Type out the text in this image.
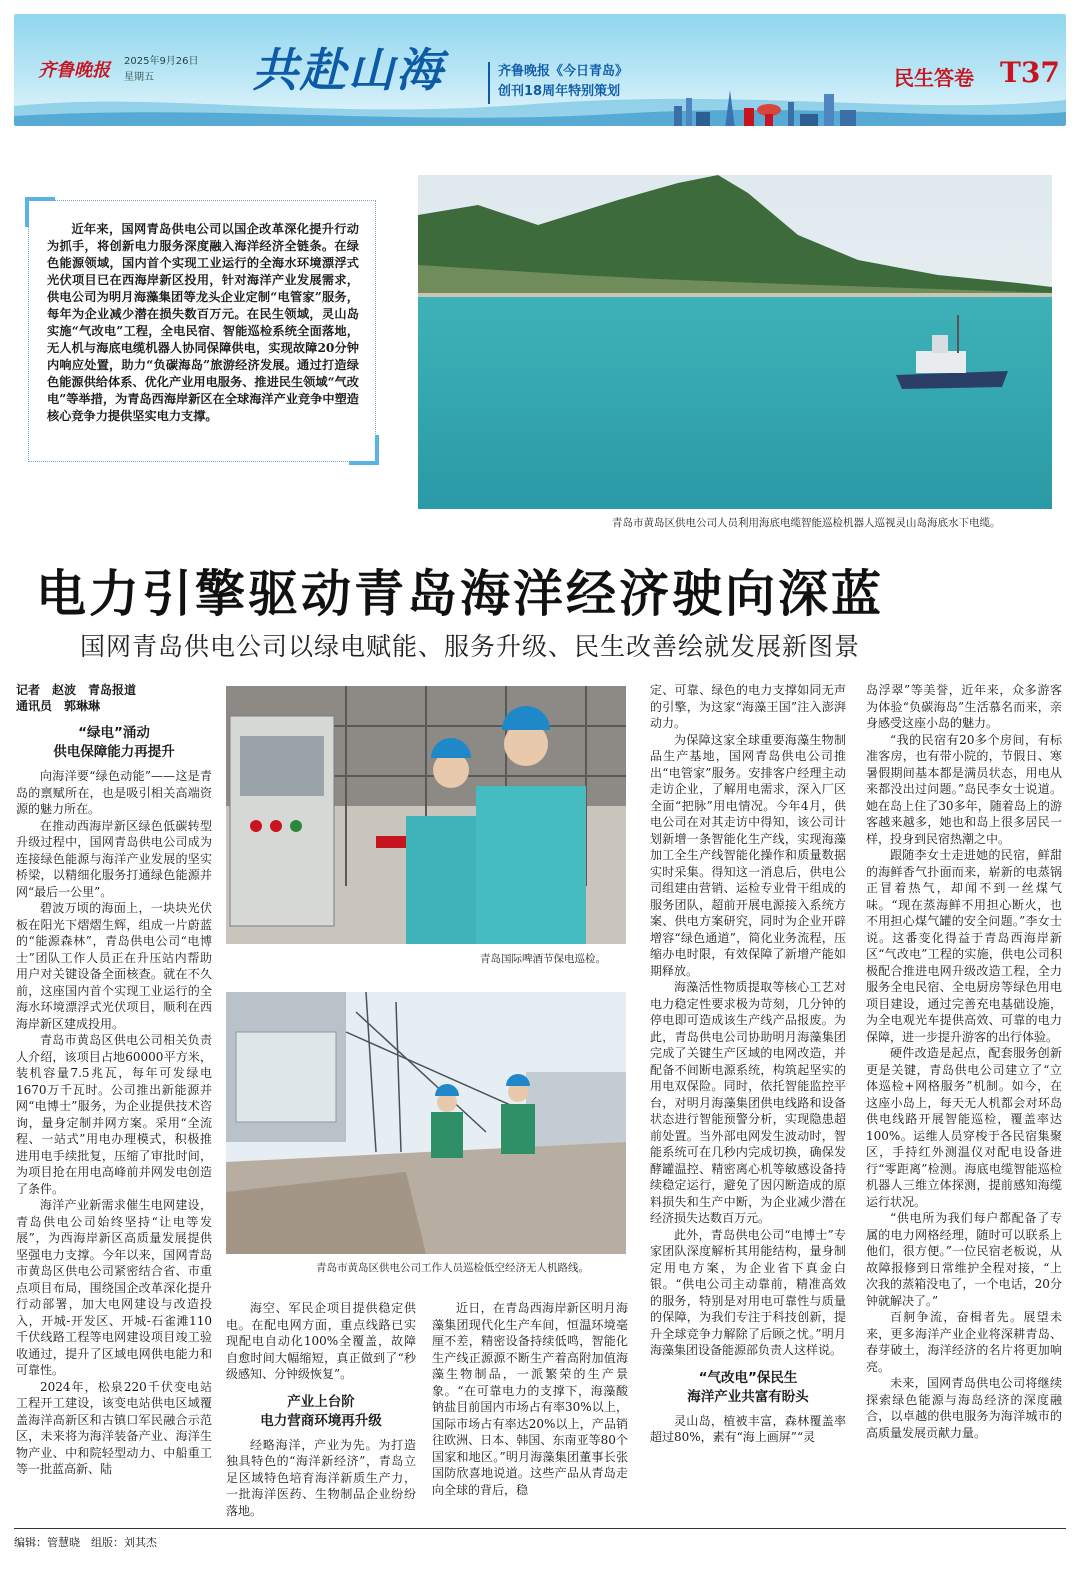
齐鲁晚报 2025年9月26日
星期五	共赴山海	齐鲁晚报《今日青岛》
创刊18周年特别策划
民生答卷 T37

近年来，国网青岛供电公司以国企改革深化提升行动为抓手，将创新电力服务深度融入海洋经济全链条。在绿色能源领域，国内首个实现工业运行的全海水环境漂浮式光伏项目已在西海岸新区投用，针对海洋产业发展需求，供电公司为明月海藻集团等龙头企业定制“电管家”服务，每年为企业减少潜在损失数百万元。在民生领域，灵山岛实施“气改电”工程，全电民宿、智能巡检系统全面落地，无人机与海底电缆机器人协同保障供电，实现故障20分钟内响应处置，助力“负碳海岛”旅游经济发展。通过打造绿色能源供给体系、优化产业用电服务、推进民生领域“气改电”等举措，为青岛西海岸新区在全球海洋产业竞争中塑造核心竞争力提供坚实电力支撑。

青岛市黄岛区供电公司人员利用海底电缆智能巡检机器人巡视灵山岛海底水下电缆。
电力引擎驱动青岛海洋经济驶向深蓝
国网青岛供电公司以绿电赋能、服务升级、民生改善绘就发展新图景
记者　赵波　青岛报道
通讯员　郭琳琳
“绿电”涌动
供电保障能力再提升

向海洋要“绿色动能”——这是青岛的禀赋所在，也是吸引相关高端资源的魅力所在。

在推动西海岸新区绿色低碳转型升级过程中，国网青岛供电公司成为连接绿色能源与海洋产业发展的坚实桥梁，以精细化服务打通绿色能源并网“最后一公里”。

碧波万顷的海面上，一块块光伏板在阳光下熠熠生辉，组成一片蔚蓝的“能源森林”，青岛供电公司“电博士”团队工作人员正在升压站内帮助用户对关键设备全面核查。就在不久前，这座国内首个实现工业运行的全海水环境漂浮式光伏项目，顺利在西海岸新区建成投用。

青岛市黄岛区供电公司相关负责人介绍，该项目占地60000平方米，装机容量7.5兆瓦，每年可发绿电1670万千瓦时。公司推出新能源并网“电博士”服务，为企业提供技术咨询，量身定制并网方案。采用“全流程、一站式”用电办理模式，积极推进用电手续批复，压缩了审批时间，为项目抢在用电高峰前并网发电创造了条件。

海洋产业新需求催生电网建设，青岛供电公司始终坚持“让电等发展”，为西海岸新区高质量发展提供坚强电力支撑。今年以来，国网青岛市黄岛区供电公司紧密结合省、市重点项目布局，围绕国企改革深化提升行动部署，加大电网建设与改造投入，开城-开发区、开城-石雀滩110千伏线路工程等电网建设项目竣工验收通过，提升了区域电网供电能力和可靠性。

2024年，松泉220千伏变电站工程开工建设，该变电站供电区域覆盖海洋高新区和古镇口军民融合示范区，未来将为海洋装备产业、海洋生物产业、中和院轻型动力、中船重工等一批蓝高新、陆

青岛国际啤酒节保电巡检。
青岛市黄岛区供电公司工作人员巡检低空经济无人机路线。

海空、军民企项目提供稳定供电。在配电网方面，重点线路已实现配电自动化100%全覆盖，故障自愈时间大幅缩短，真正做到了“秒级感知、分钟级恢复”。

产业上台阶
电力营商环境再升级

经略海洋，产业为先。为打造独具特色的“海洋新经济”，青岛立足区域特色培育海洋新质生产力，一批海洋医药、生物制品企业纷纷落地。

近日，在青岛西海岸新区明月海藻集团现代化生产车间，恒温环境毫厘不差，精密设备持续低鸣，智能化生产线正源源不断生产着高附加值海藻生物制品，一派繁荣的生产景象。“在可靠电力的支撑下，海藻酸钠盐目前国内市场占有率30%以上，国际市场占有率达20%以上，产品销往欧洲、日本、韩国、东南亚等80个国家和地区。”明月海藻集团董事长张国防欣喜地说道。这些产品从青岛走向全球的背后，稳

定、可靠、绿色的电力支撑如同无声的引擎，为这家“海藻王国”注入澎湃动力。

为保障这家全球重要海藻生物制品生产基地，国网青岛供电公司推出“电管家”服务。安排客户经理主动走访企业，了解用电需求，深入厂区全面“把脉”用电情况。今年4月，供电公司在对其走访中得知，该公司计划新增一条智能化生产线，实现海藻加工全生产线智能化操作和质量数据实时采集。得知这一消息后，供电公司组建由营销、运检专业骨干组成的服务团队，超前开展电源接入系统方案、供电方案研究，同时为企业开辟增容“绿色通道”，简化业务流程，压缩办电时限，有效保障了新增产能如期释放。

海藻活性物质提取等核心工艺对电力稳定性要求极为苛刻，几分钟的停电即可造成该生产线产品报废。为此，青岛供电公司协助明月海藻集团完成了关键生产区域的电网改造，并配备不间断电源系统，构筑起坚实的用电双保险。同时，依托智能监控平台，对明月海藻集团供电线路和设备状态进行智能预警分析，实现隐患超前处置。当外部电网发生波动时，智能系统可在几秒内完成切换，确保发酵罐温控、精密离心机等敏感设备持续稳定运行，避免了因闪断造成的原料损失和生产中断，为企业减少潜在经济损失达数百万元。

此外，青岛供电公司“电博士”专家团队深度解析其用能结构，量身制定用电方案，为企业省下真金白银。“供电公司主动靠前，精准高效的服务，特别是对用电可靠性与质量的保障，为我们专注于科技创新，提升全球竞争力解除了后顾之忧。”明月海藻集团设备能源部负责人这样说。

“气改电”保民生
海洋产业共富有盼头

灵山岛，植被丰富，森林覆盖率超过80%，素有“海上画屏”“灵

岛浮翠”等美誉，近年来，众多游客为体验“负碳海岛”生活慕名而来，亲身感受这座小岛的魅力。

“我的民宿有20多个房间，有标准客房，也有带小院的，节假日、寒暑假期间基本都是满员状态，用电从来都没出过问题。”岛民李女士说道。她在岛上住了30多年，随着岛上的游客越来越多，她也和岛上很多居民一样，投身到民宿热潮之中。

跟随李女士走进她的民宿，鲜甜的海鲜香气扑面而来，崭新的电蒸锅正冒着热气，却闻不到一丝煤气味。“现在蒸海鲜不用担心断火，也不用担心煤气罐的安全问题。”李女士说。这番变化得益于青岛西海岸新区“气改电”工程的实施，供电公司积极配合推进电网升级改造工程，全力服务全电民宿、全电厨房等绿色用电项目建设，通过完善充电基础设施，为全电观光车提供高效、可靠的电力保障，进一步提升游客的出行体验。

硬件改造是起点，配套服务创新更是关键，青岛供电公司建立了“立体巡检+网格服务”机制。如今，在这座小岛上，每天无人机都会对环岛供电线路开展智能巡检，覆盖率达100%。运维人员穿梭于各民宿集聚区，手持红外测温仪对配电设备进行“零距离”检测。海底电缆智能巡检机器人三维立体探测，提前感知海缆运行状况。

“供电所为我们每户都配备了专属的电力网格经理，随时可以联系上他们，很方便。”一位民宿老板说，从故障报修到日常维护全程对接，“上次我的蒸箱没电了，一个电话，20分钟就解决了。”

百舸争流，奋楫者先。展望未来，更多海洋产业企业将深耕青岛、春芽破土，海洋经济的名片将更加响亮。

未来，国网青岛供电公司将继续探索绿色能源与海岛经济的深度融合，以卓越的供电服务为海洋城市的高质量发展贡献力量。

编辑：管慧晓　组版：刘其杰
